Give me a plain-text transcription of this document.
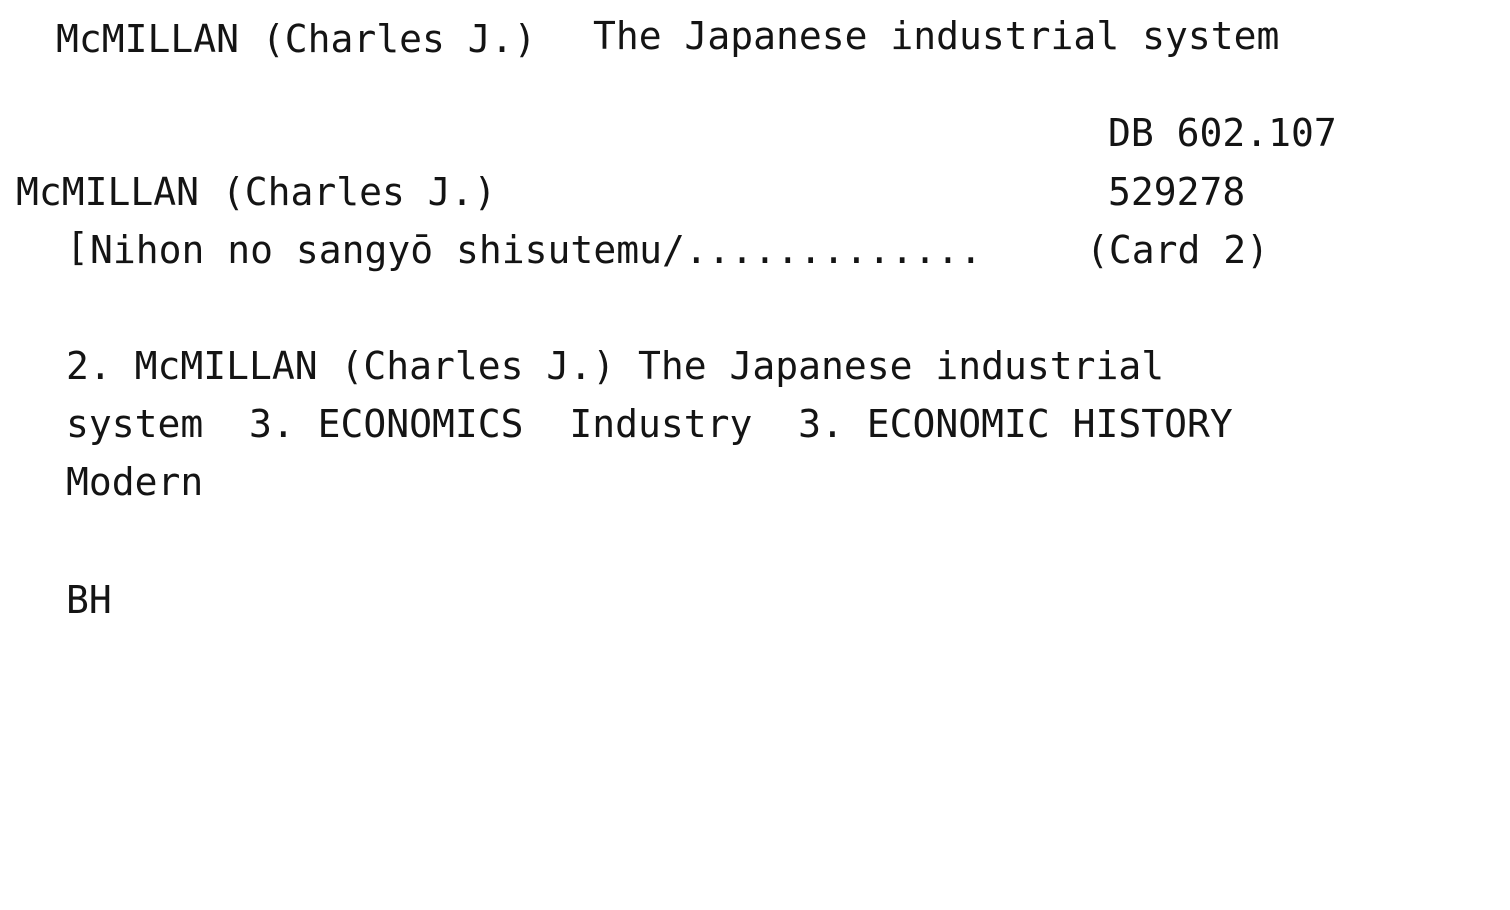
McMILLAN (Charles J.) The Japanese industrial system
DB 602.107
McMILLAN (Charles J.)	529278
[ Nihon no sangyō shisutemu/.............	(Card 2)
2. McMILLAN (Charles J.) The Japanese industrial
system  3. ECONOMICS  Industry  3. ECONOMIC HISTORY
Modern
BH
